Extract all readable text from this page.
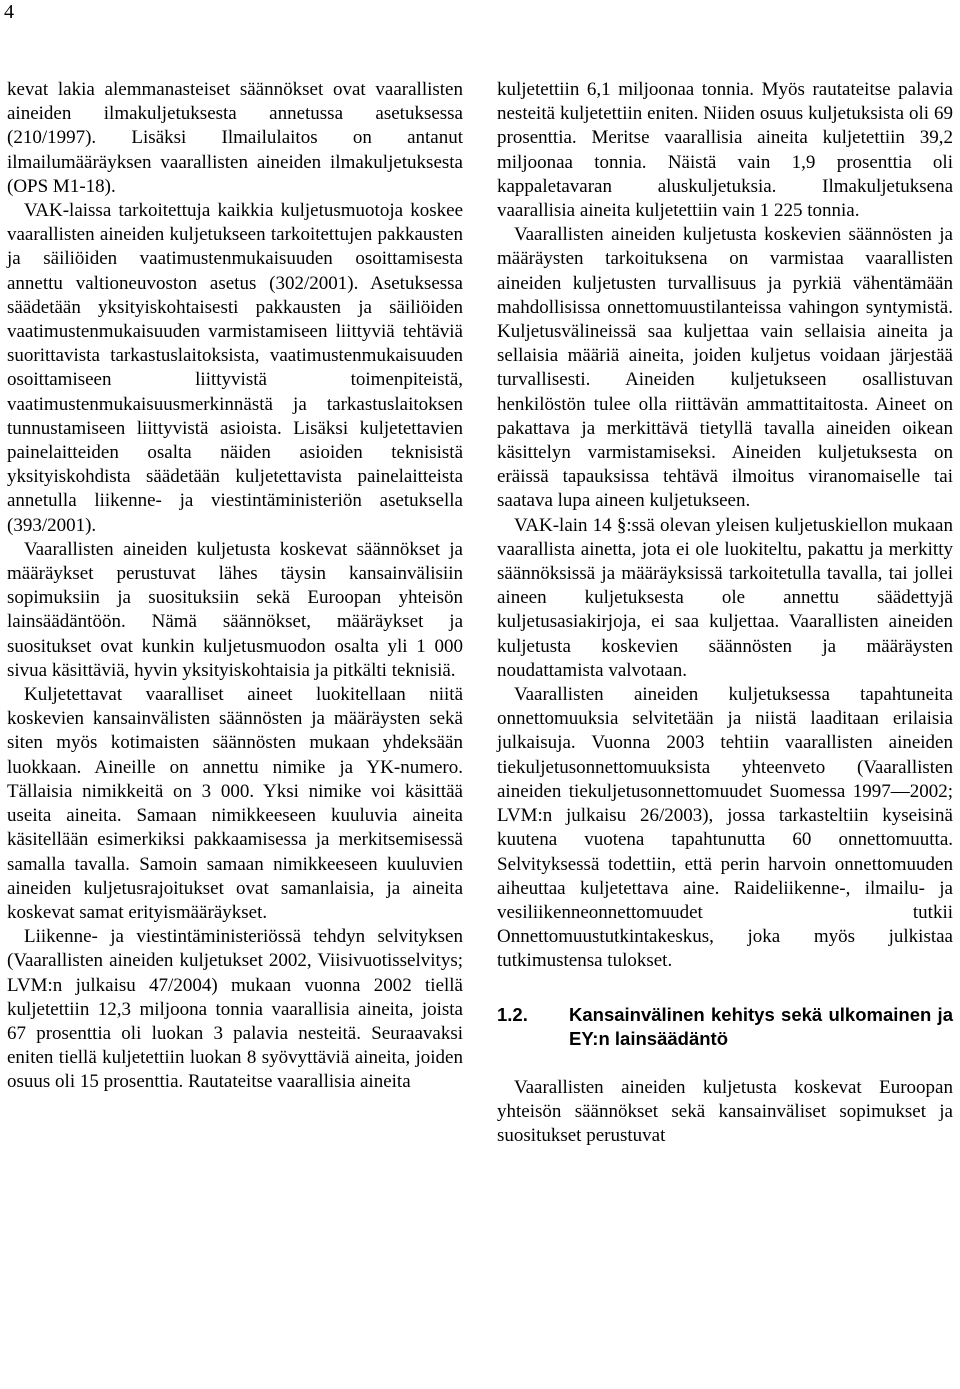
4

kevat lakia alemmanasteiset säännökset ovat vaarallisten aineiden ilmakuljetuksesta annetussa asetuksessa (210/1997). Lisäksi Ilmailulaitos on antanut ilmailumääräyksen vaarallisten aineiden ilmakuljetuksesta (OPS M1-18).

VAK-laissa tarkoitettuja kaikkia kuljetusmuotoja koskee vaarallisten aineiden kuljetukseen tarkoitettujen pakkausten ja säiliöiden vaatimustenmukaisuuden osoittamisesta annettu valtioneuvoston asetus (302/2001). Asetuksessa säädetään yksityiskohtaisesti pakkausten ja säiliöiden vaatimustenmukaisuuden varmistamiseen liittyviä tehtäviä suorittavista tarkastuslaitoksista, vaatimustenmukaisuuden osoittamiseen liittyvistä toimenpiteistä, vaatimustenmukaisuusmerkinnästä ja tarkastuslaitoksen tunnustamiseen liittyvistä asioista. Lisäksi kuljetettavien painelaitteiden osalta näiden asioiden teknisistä yksityiskohdista säädetään kuljetettavista painelaitteista annetulla liikenne- ja viestintäministeriön asetuksella (393/2001).

Vaarallisten aineiden kuljetusta koskevat säännökset ja määräykset perustuvat lähes täysin kansainvälisiin sopimuksiin ja suosituksiin sekä Euroopan yhteisön lainsäädäntöön. Nämä säännökset, määräykset ja suositukset ovat kunkin kuljetusmuodon osalta yli 1 000 sivua käsittäviä, hyvin yksityiskohtaisia ja pitkälti teknisiä.

Kuljetettavat vaaralliset aineet luokitellaan niitä koskevien kansainvälisten säännösten ja määräysten sekä siten myös kotimaisten säännösten mukaan yhdeksään luokkaan. Aineille on annettu nimike ja YK-numero. Tällaisia nimikkeitä on 3 000. Yksi nimike voi käsittää useita aineita. Samaan nimikkeeseen kuuluvia aineita käsitellään esimerkiksi pakkaamisessa ja merkitsemisessä samalla tavalla. Samoin samaan nimikkeeseen kuuluvien aineiden kuljetusrajoitukset ovat samanlaisia, ja aineita koskevat samat erityismääräykset.

Liikenne- ja viestintäministeriössä tehdyn selvityksen (Vaarallisten aineiden kuljetukset 2002, Viisivuotisselvitys; LVM:n julkaisu 47/2004) mukaan vuonna 2002 tiellä kuljetettiin 12,3 miljoona tonnia vaarallisia aineita, joista 67 prosenttia oli luokan 3 palavia nesteitä. Seuraavaksi eniten tiellä kuljetettiin luokan 8 syövyttäviä aineita, joiden osuus oli 15 prosenttia. Rautateitse vaarallisia aineita

kuljetettiin 6,1 miljoonaa tonnia. Myös rautateitse palavia nesteitä kuljetettiin eniten. Niiden osuus kuljetuksista oli 69 prosenttia. Meritse vaarallisia aineita kuljetettiin 39,2 miljoonaa tonnia. Näistä vain 1,9 prosenttia oli kappaletavaran aluskuljetuksia. Ilmakuljetuksena vaarallisia aineita kuljetettiin vain 1 225 tonnia.

Vaarallisten aineiden kuljetusta koskevien säännösten ja määräysten tarkoituksena on varmistaa vaarallisten aineiden kuljetusten turvallisuus ja pyrkiä vähentämään mahdollisissa onnettomuustilanteissa vahingon syntymistä. Kuljetusvälineissä saa kuljettaa vain sellaisia aineita ja sellaisia määriä aineita, joiden kuljetus voidaan järjestää turvallisesti. Aineiden kuljetukseen osallistuvan henkilöstön tulee olla riittävän ammattitaitosta. Aineet on pakattava ja merkittävä tietyllä tavalla aineiden oikean käsittelyn varmistamiseksi. Aineiden kuljetuksesta on eräissä tapauksissa tehtävä ilmoitus viranomaiselle tai saatava lupa aineen kuljetukseen.

VAK-lain 14 §:ssä olevan yleisen kuljetuskiellon mukaan vaarallista ainetta, jota ei ole luokiteltu, pakattu ja merkitty säännöksissä ja määräyksissä tarkoitetulla tavalla, tai jollei aineen kuljetuksesta ole annettu säädettyjä kuljetusasiakirjoja, ei saa kuljettaa. Vaarallisten aineiden kuljetusta koskevien säännösten ja määräysten noudattamista valvotaan.

Vaarallisten aineiden kuljetuksessa tapahtuneita onnettomuuksia selvitetään ja niistä laaditaan erilaisia julkaisuja. Vuonna 2003 tehtiin vaarallisten aineiden tiekuljetusonnettomuuksista yhteenveto (Vaarallisten aineiden tiekuljetusonnettomuudet Suomessa 1997—2002; LVM:n julkaisu 26/2003), jossa tarkasteltiin kyseisinä kuutena vuotena tapahtunutta 60 onnettomuutta. Selvityksessä todettiin, että perin harvoin onnettomuuden aiheuttaa kuljetettava aine. Raideliikenne-, ilmailu- ja vesiliikenneonnettomuudet tutkii Onnettomuustutkintakeskus, joka myös julkistaa tutkimustensa tulokset.

1.2.	Kansainvälinen kehitys sekä ulkomainen ja EY:n lainsäädäntö

Vaarallisten aineiden kuljetusta koskevat Euroopan yhteisön säännökset sekä kansainväliset sopimukset ja suositukset perustuvat
